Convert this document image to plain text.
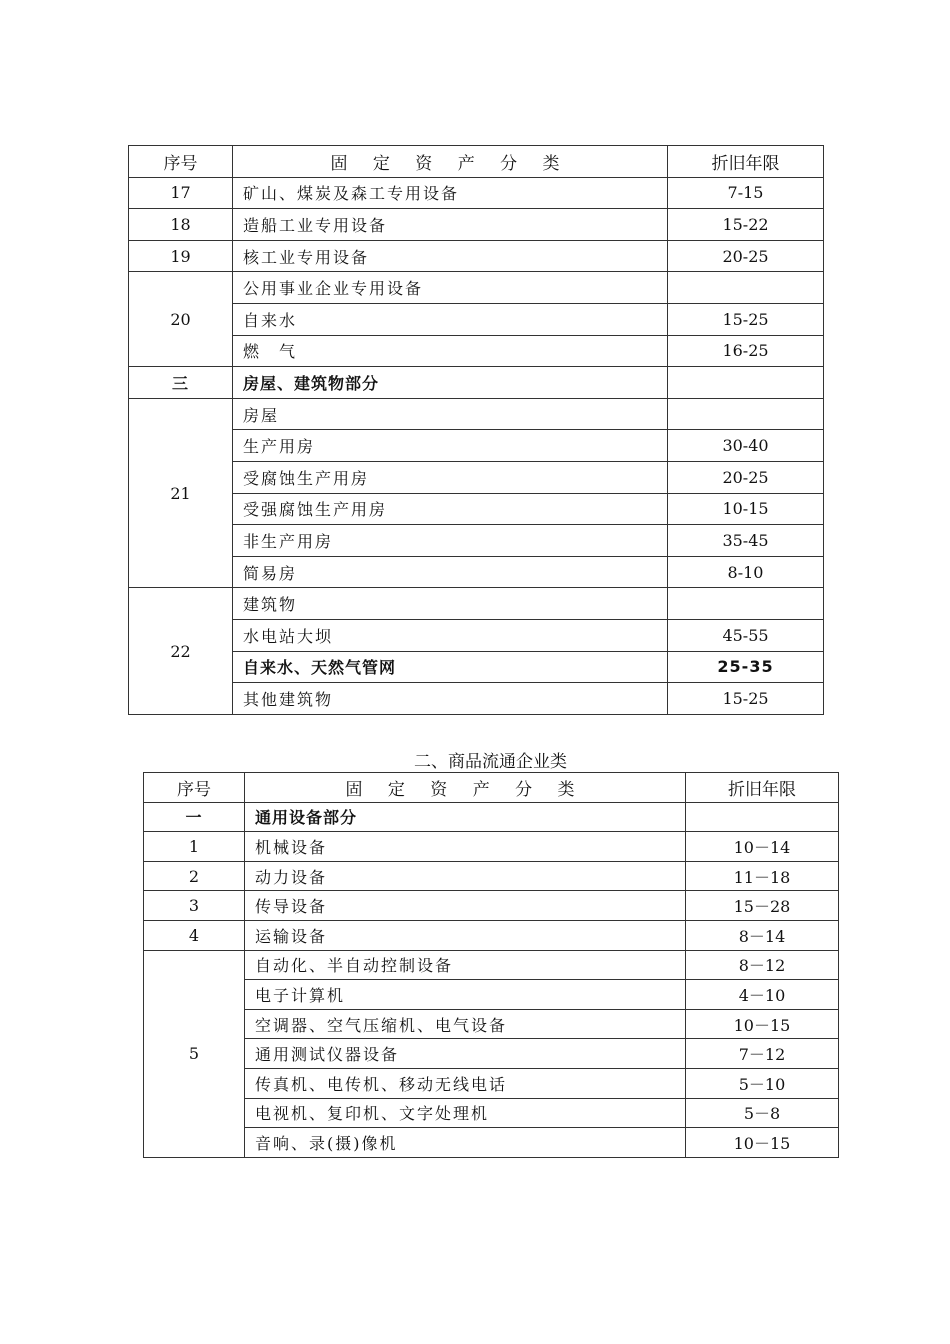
序号	固 定 资 产 分 类	折旧年限
17	矿山、煤炭及森工专用设备	7-15
18	造船工业专用设备	15-22
19	核工业专用设备	20-25
20	公用事业企业专用设备	
	自来水	15-25
	燃　气	16-25
三	房屋、建筑物部分	
21	房屋	
	生产用房	30-40
	受腐蚀生产用房	20-25
	受强腐蚀生产用房	10-15
	非生产用房	35-45
	简易房	8-10
22	建筑物	
	水电站大坝	45-55
	自来水、天然气管网	25-35
	其他建筑物	15-25
二、商品流通企业类
序号	固 定 资 产 分 类	折旧年限
一	通用设备部分	
1	机械设备	10－14
2	动力设备	11－18
3	传导设备	15－28
4	运输设备	8－14
5	自动化、半自动控制设备	8－12
	电子计算机	4－10
	空调器、空气压缩机、电气设备	10－15
	通用测试仪器设备	7－12
	传真机、电传机、移动无线电话	5－10
	电视机、复印机、文字处理机	5－8
	音响、录(摄)像机	10－15
